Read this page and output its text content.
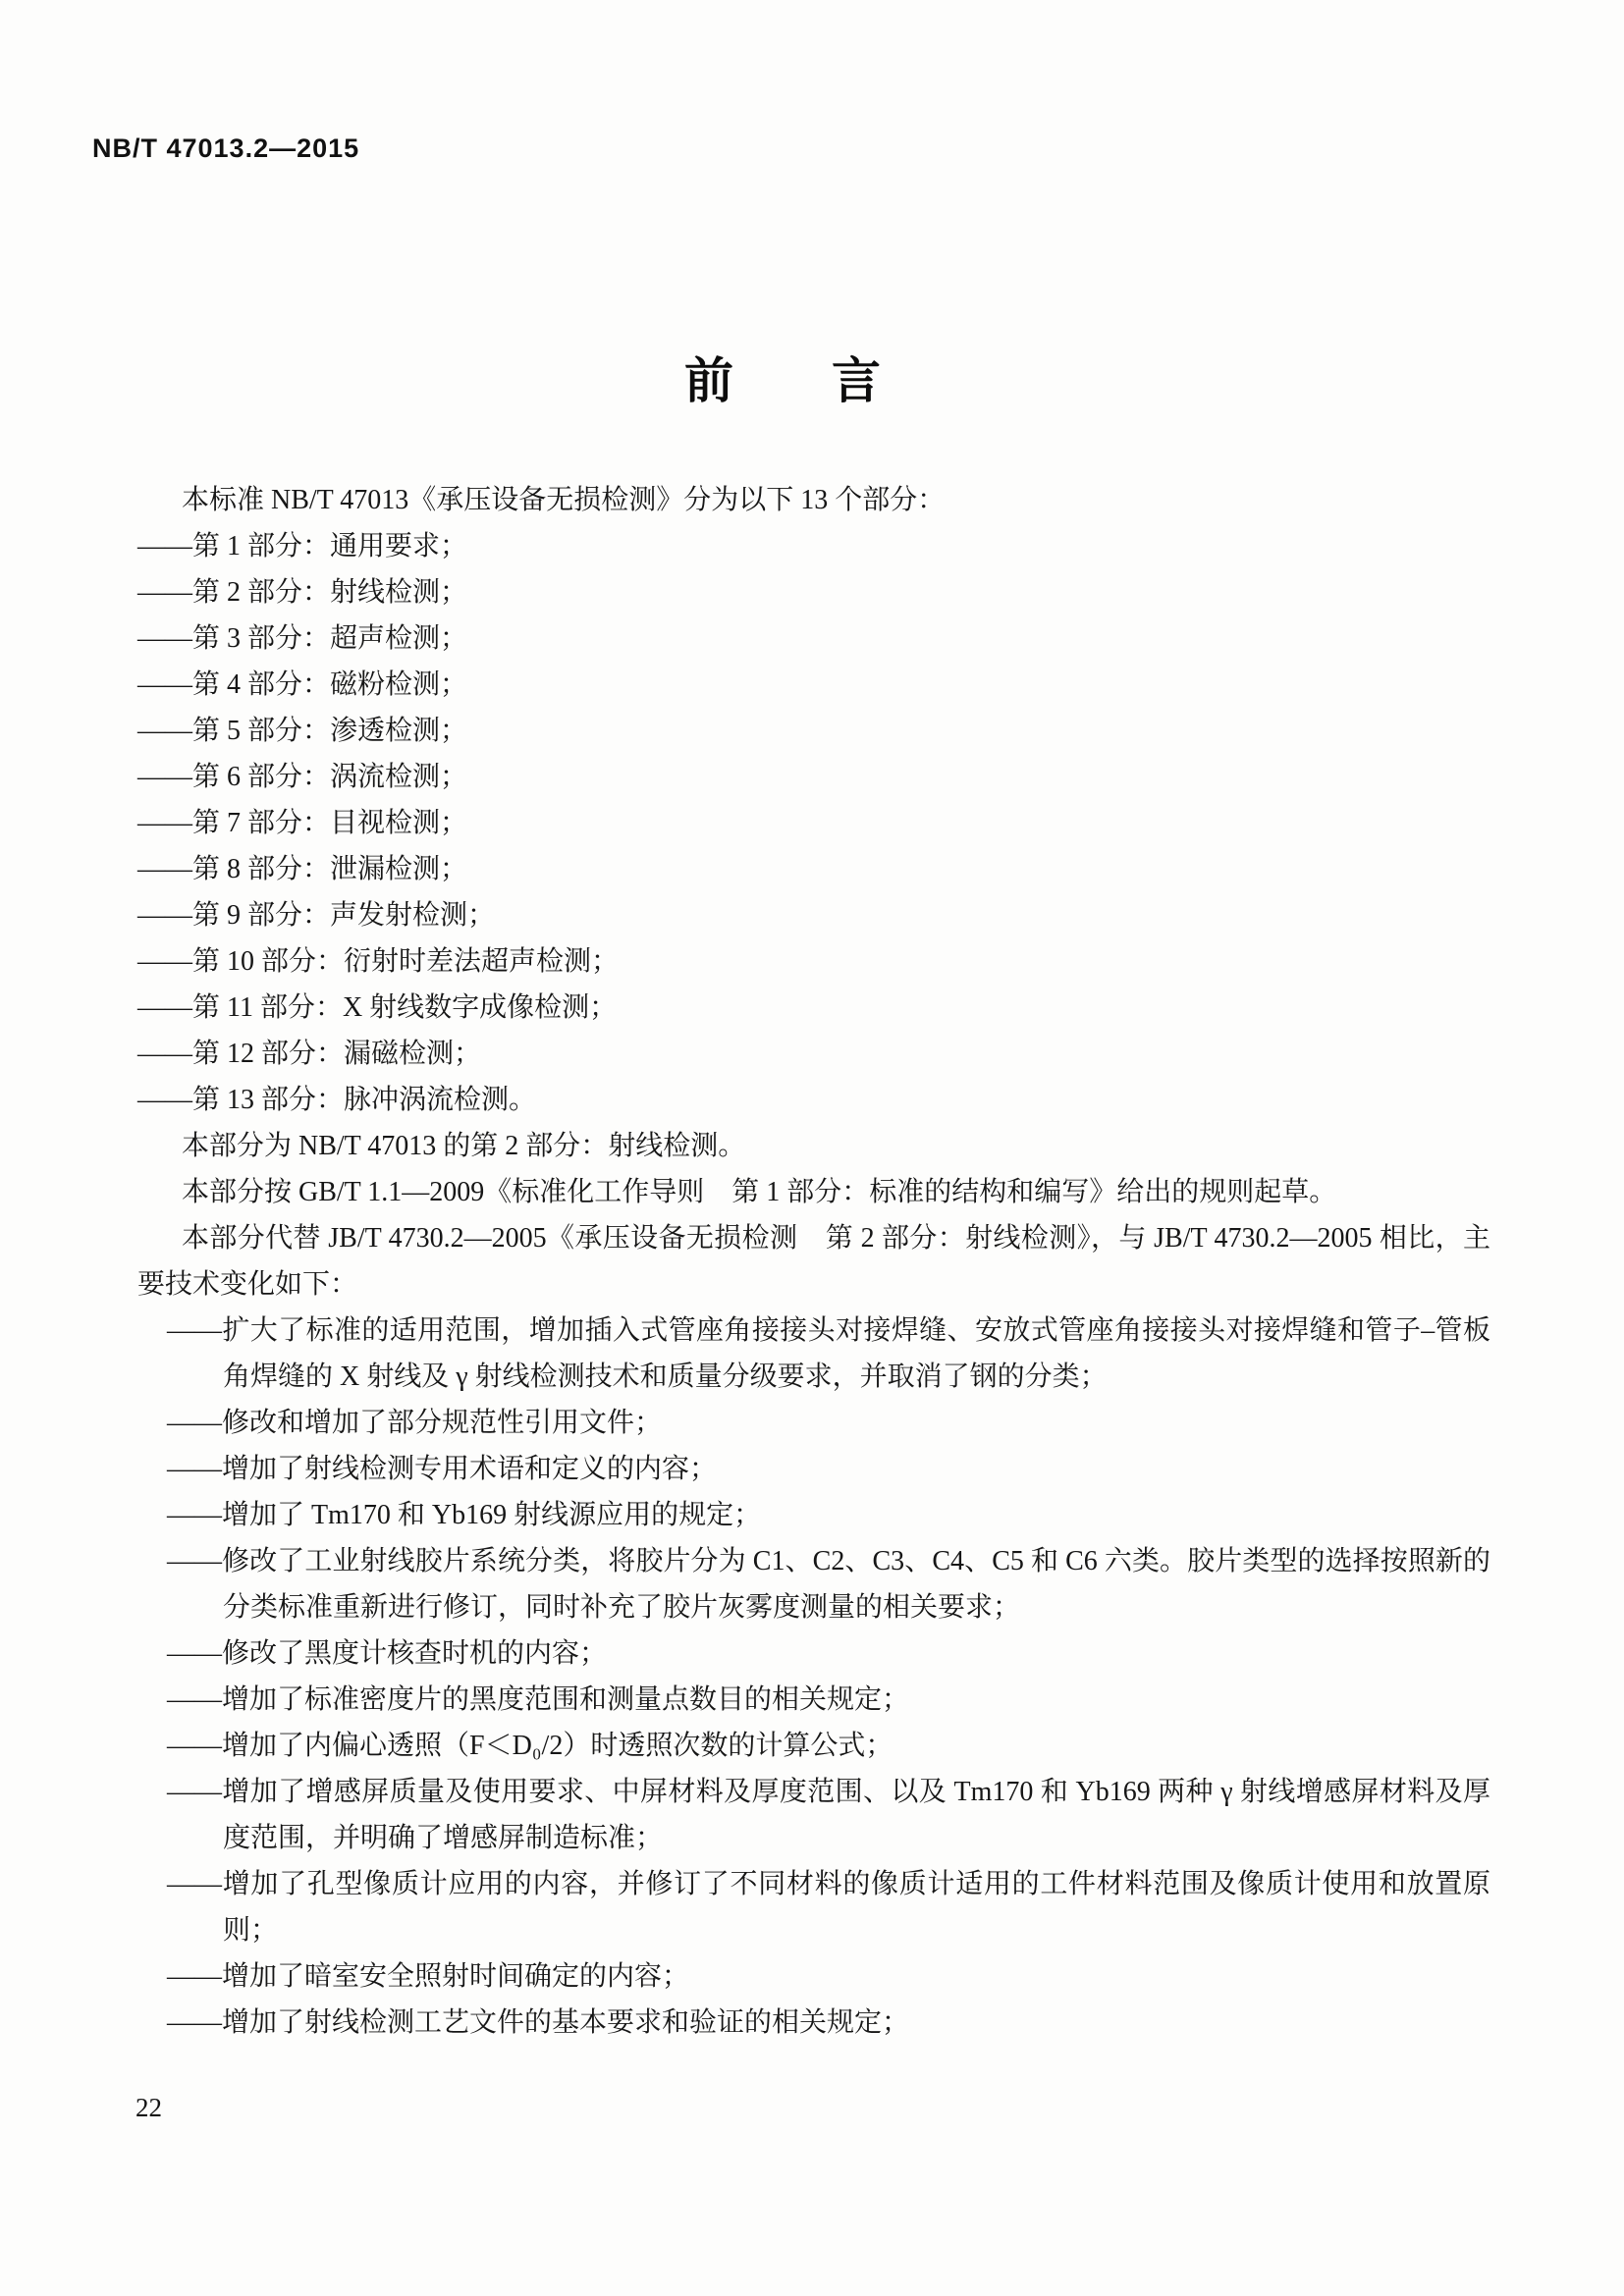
NB/T 47013.2—2015
前　　言
本标准 NB/T 47013《承压设备无损检测》分为以下 13 个部分：
——第 1 部分：通用要求；
——第 2 部分：射线检测；
——第 3 部分：超声检测；
——第 4 部分：磁粉检测；
——第 5 部分：渗透检测；
——第 6 部分：涡流检测；
——第 7 部分：目视检测；
——第 8 部分：泄漏检测；
——第 9 部分：声发射检测；
——第 10 部分：衍射时差法超声检测；
——第 11 部分：X 射线数字成像检测；
——第 12 部分：漏磁检测；
——第 13 部分：脉冲涡流检测。
本部分为 NB/T 47013 的第 2 部分：射线检测。
本部分按 GB/T 1.1—2009《标准化工作导则　第 1 部分：标准的结构和编写》给出的规则起草。
本部分代替 JB/T 4730.2—2005《承压设备无损检测　第 2 部分：射线检测》，与 JB/T 4730.2—2005 相比，主要技术变化如下：
——扩大了标准的适用范围，增加插入式管座角接接头对接焊缝、安放式管座角接接头对接焊缝和管子–管板角焊缝的 X 射线及 γ 射线检测技术和质量分级要求，并取消了钢的分类；
——修改和增加了部分规范性引用文件；
——增加了射线检测专用术语和定义的内容；
——增加了 Tm170 和 Yb169 射线源应用的规定；
——修改了工业射线胶片系统分类，将胶片分为 C1、C2、C3、C4、C5 和 C6 六类。胶片类型的选择按照新的分类标准重新进行修订，同时补充了胶片灰雾度测量的相关要求；
——修改了黑度计核查时机的内容；
——增加了标准密度片的黑度范围和测量点数目的相关规定；
——增加了内偏心透照（F＜D₀/2）时透照次数的计算公式；
——增加了增感屏质量及使用要求、中屏材料及厚度范围、以及 Tm170 和 Yb169 两种 γ 射线增感屏材料及厚度范围，并明确了增感屏制造标准；
——增加了孔型像质计应用的内容，并修订了不同材料的像质计适用的工件材料范围及像质计使用和放置原则；
——增加了暗室安全照射时间确定的内容；
——增加了射线检测工艺文件的基本要求和验证的相关规定；
22
